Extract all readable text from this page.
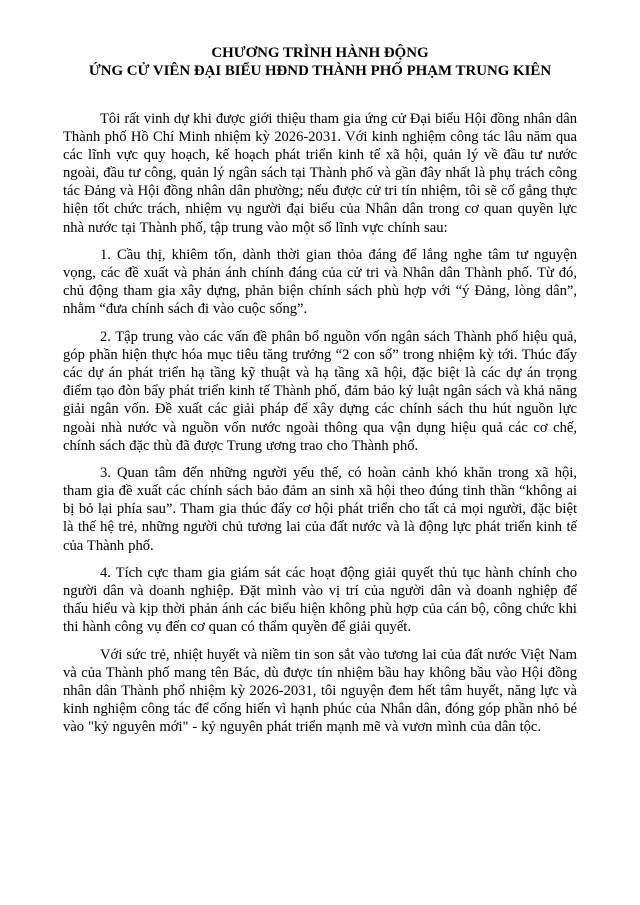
CHƯƠNG TRÌNH HÀNH ĐỘNG
ỨNG CỬ VIÊN ĐẠI BIỂU HĐND THÀNH PHỐ PHẠM TRUNG KIÊN

Tôi rất vinh dự khi được giới thiệu tham gia ứng cử Đại biểu Hội đồng nhân dân Thành phố Hồ Chí Minh nhiệm kỳ 2026-2031. Với kinh nghiệm công tác lâu năm qua các lĩnh vực quy hoạch, kế hoạch phát triển kinh tế xã hội, quản lý về đầu tư nước ngoài, đầu tư công, quản lý ngân sách tại Thành phố và gần đây nhất là phụ trách công tác Đảng và Hội đồng nhân dân phường; nếu được cử tri tín nhiệm, tôi sẽ cố gắng thực hiện tốt chức trách, nhiệm vụ người đại biểu của Nhân dân trong cơ quan quyền lực nhà nước tại Thành phố, tập trung vào một số lĩnh vực chính sau:

1. Cầu thị, khiêm tốn, dành thời gian thỏa đáng để lắng nghe tâm tư nguyện vọng, các đề xuất và phản ánh chính đáng của cử tri và Nhân dân Thành phố. Từ đó, chủ động tham gia xây dựng, phản biện chính sách phù hợp với “ý Đảng, lòng dân”, nhằm “đưa chính sách đi vào cuộc sống”.

2. Tập trung vào các vấn đề phân bổ nguồn vốn ngân sách Thành phố hiệu quả, góp phần hiện thực hóa mục tiêu tăng trưởng “2 con số” trong nhiệm kỳ tới. Thúc đẩy các dự án phát triển hạ tầng kỹ thuật và hạ tầng xã hội, đặc biệt là các dự án trọng điểm tạo đòn bẩy phát triển kinh tế Thành phố, đảm bảo kỷ luật ngân sách và khả năng giải ngân vốn. Đề xuất các giải pháp để xây dựng các chính sách thu hút nguồn lực ngoài nhà nước và nguồn vốn nước ngoài thông qua vận dụng hiệu quả các cơ chế, chính sách đặc thù đã được Trung ương trao cho Thành phố.

3. Quan tâm đến những người yếu thế, có hoàn cảnh khó khăn trong xã hội, tham gia đề xuất các chính sách bảo đảm an sinh xã hội theo đúng tinh thần “không ai bị bỏ lại phía sau”. Tham gia thúc đẩy cơ hội phát triển cho tất cả mọi người, đặc biệt là thế hệ trẻ, những người chủ tương lai của đất nước và là động lực phát triển kinh tế của Thành phố.

4. Tích cực tham gia giám sát các hoạt động giải quyết thủ tục hành chính cho người dân và doanh nghiệp. Đặt mình vào vị trí của người dân và doanh nghiệp để thấu hiểu và kịp thời phản ánh các biểu hiện không phù hợp của cán bộ, công chức khi thi hành công vụ đến cơ quan có thẩm quyền để giải quyết.

Với sức trẻ, nhiệt huyết và niềm tin son sắt vào tương lai của đất nước Việt Nam và của Thành phố mang tên Bác, dù được tín nhiệm bầu hay không bầu vào Hội đồng nhân dân Thành phố nhiệm kỳ 2026-2031, tôi nguyện đem hết tâm huyết, năng lực và kinh nghiệm công tác để cống hiến vì hạnh phúc của Nhân dân, đóng góp phần nhỏ bé vào "kỷ nguyên mới" - kỷ nguyên phát triển mạnh mẽ và vươn mình của dân tộc.
